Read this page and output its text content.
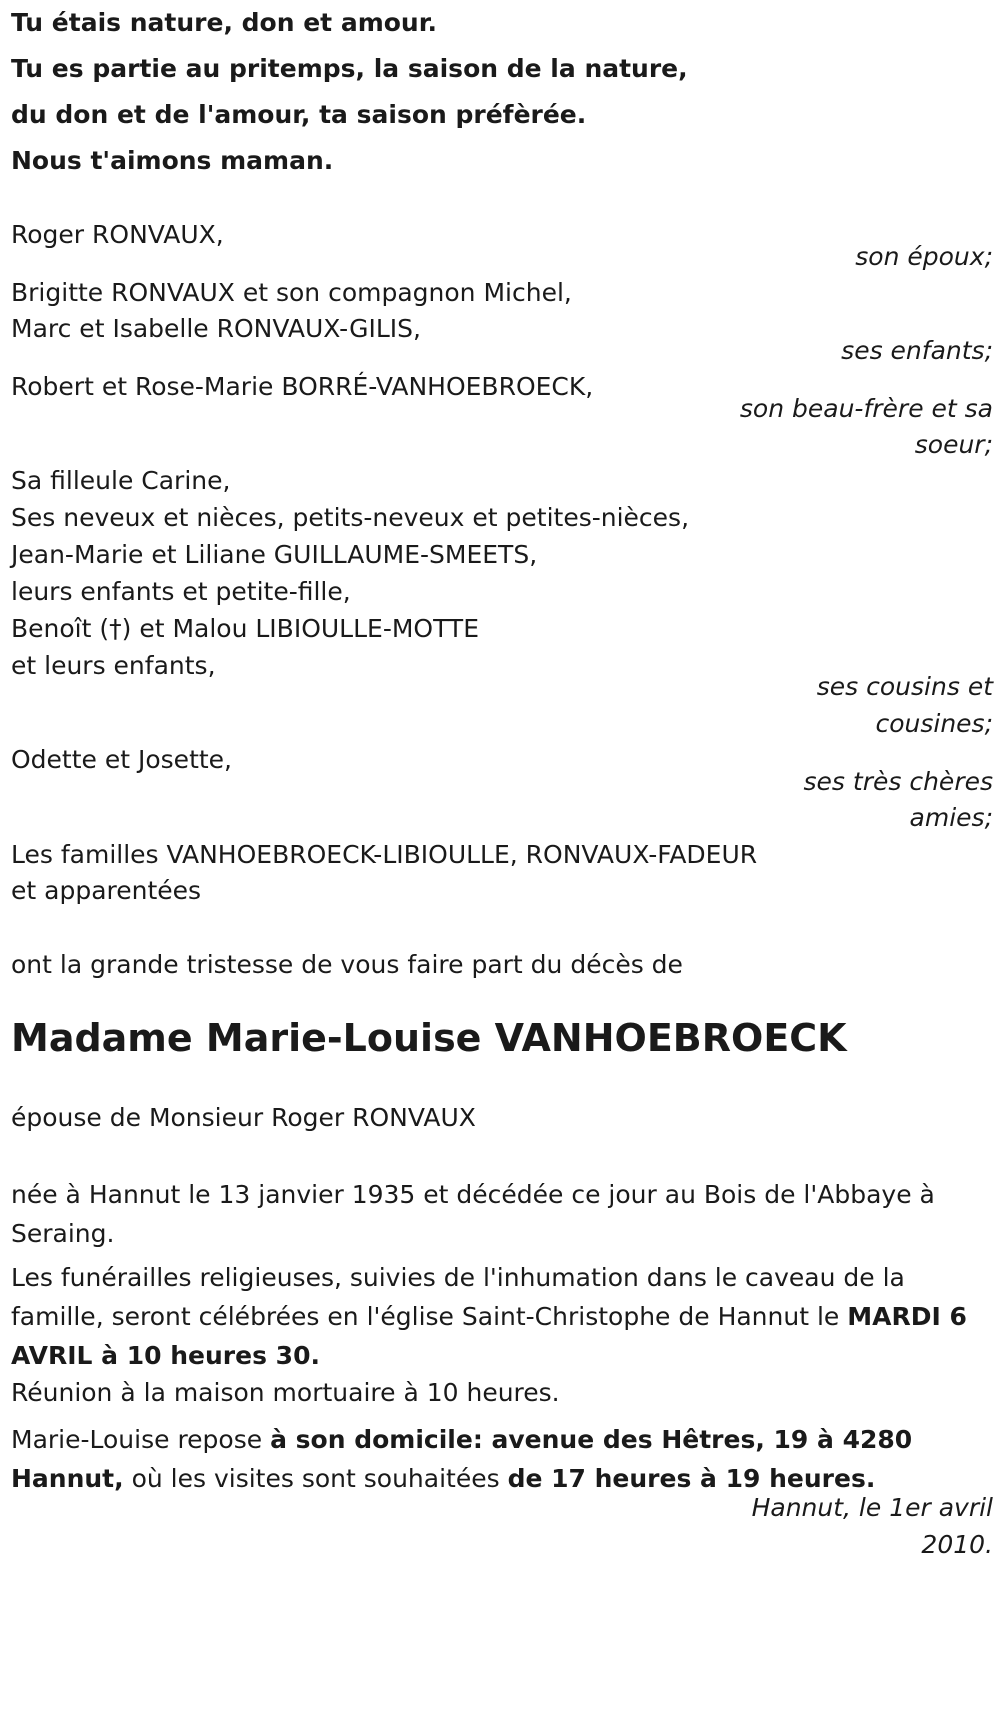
Tu étais nature, don et amour.
Tu es partie au pritemps, la saison de la nature,
du don et de l'amour, ta saison préfèrée.
Nous t'aimons maman.
Roger RONVAUX,
son époux;
Brigitte RONVAUX et son compagnon Michel,
Marc et Isabelle RONVAUX-GILIS,
ses enfants;
Robert et Rose-Marie BORRÉ-VANHOEBROECK,
son beau-frère et sa
soeur;
Sa filleule Carine,
Ses neveux et nièces, petits-neveux et petites-nièces,
Jean-Marie et Liliane GUILLAUME-SMEETS,
leurs enfants et petite-fille,
Benoît (†) et Malou LIBIOULLE-MOTTE
et leurs enfants,
ses cousins et
cousines;
Odette et Josette,
ses très chères
amies;
Les familles VANHOEBROECK-LIBIOULLE, RONVAUX-FADEUR
et apparentées
ont la grande tristesse de vous faire part du décès de
Madame Marie-Louise VANHOEBROECK
épouse de Monsieur Roger RONVAUX
née à Hannut le 13 janvier 1935 et décédée ce jour au Bois de l'Abbaye à Seraing.
Les funérailles religieuses, suivies de l'inhumation dans le caveau de la famille, seront célébrées en l'église Saint-Christophe de Hannut le MARDI 6 AVRIL à 10 heures 30.
Réunion à la maison mortuaire à 10 heures.
Marie-Louise repose à son domicile: avenue des Hêtres, 19 à 4280 Hannut, où les visites sont souhaitées de 17 heures à 19 heures.
Hannut, le 1er avril
2010.
